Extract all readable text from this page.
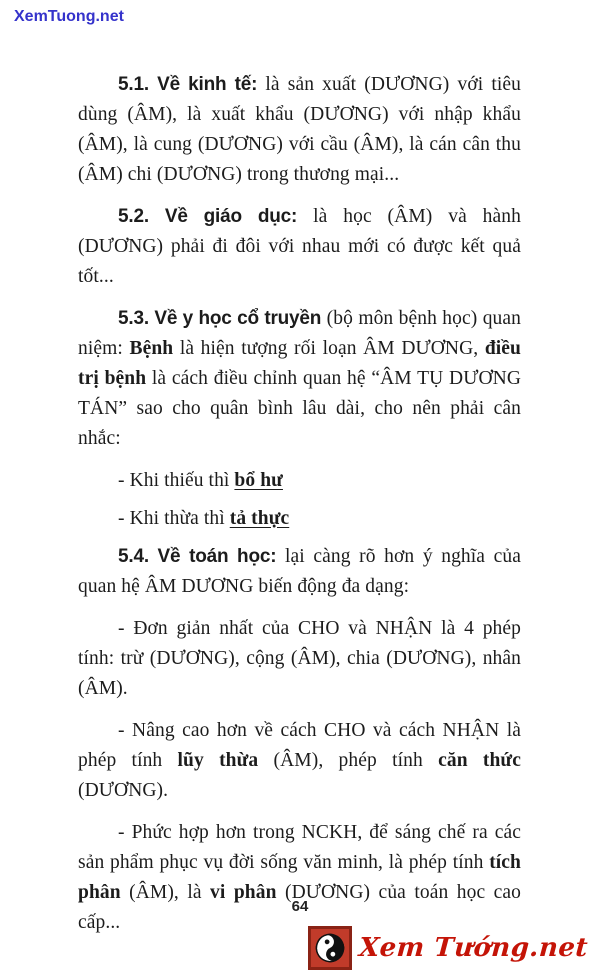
XemTuong.net

5.1. Về kinh tế: là sản xuất (DƯƠNG) với tiêu dùng (ÂM), là xuất khẩu (DƯƠNG) với nhập khẩu (ÂM), là cung (DƯƠNG) với cầu (ÂM), là cán cân thu (ÂM) chi (DƯƠNG) trong thương mại...

5.2. Về giáo dục: là học (ÂM) và hành (DƯƠNG) phải đi đôi với nhau mới có được kết quả tốt...

5.3. Về y học cổ truyền (bộ môn bệnh học) quan niệm: Bệnh là hiện tượng rối loạn ÂM DƯƠNG, điều trị bệnh là cách điều chỉnh quan hệ “ÂM TỤ DƯƠNG TÁN” sao cho quân bình lâu dài, cho nên phải cân nhắc:

- Khi thiếu thì bổ hư

- Khi thừa thì tả thực

5.4. Về toán học: lại càng rõ hơn ý nghĩa của quan hệ ÂM DƯƠNG biến động đa dạng:

- Đơn giản nhất của CHO và NHẬN là 4 phép tính: trừ (DƯƠNG), cộng (ÂM), chia (DƯƠNG), nhân (ÂM).

- Nâng cao hơn về cách CHO và cách NHẬN là phép tính lũy thừa (ÂM), phép tính căn thức (DƯƠNG).

- Phức hợp hơn trong NCKH, để sáng chế ra các sản phẩm phục vụ đời sống văn minh, là phép tính tích phân (ÂM), là vi phân (DƯƠNG) của toán học cao cấp...

64
Xem Tướng.net
